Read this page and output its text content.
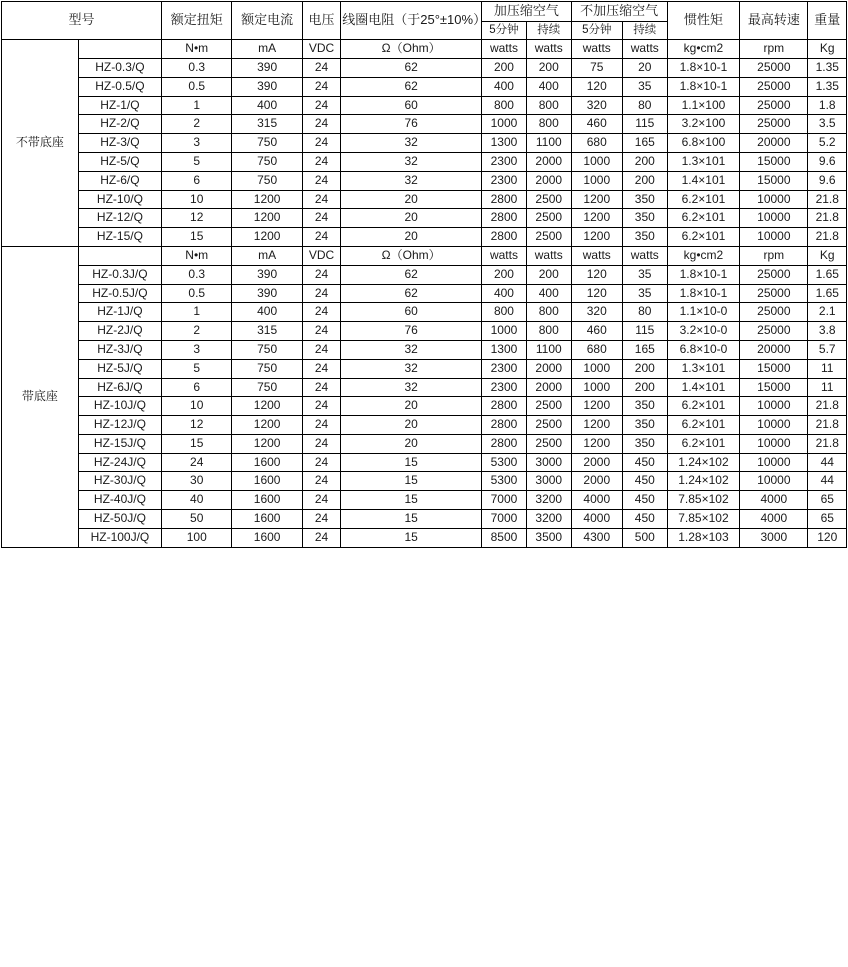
型号		额定扭矩	额定电流	电压	线圈电阻（于25°±10%）	加压缩空气		不加压缩空气		惯性矩	最高转速	重量
						5分钟	持续	5分钟	持续			
不带底座		N•m	mA	VDC	Ω（Ohm）	watts	watts	watts	watts	kg•cm2	rpm	Kg
	HZ-0.3/Q	0.3	390	24	62	200	200	75	20	1.8×10-1	25000	1.35
	HZ-0.5/Q	0.5	390	24	62	400	400	120	35	1.8×10-1	25000	1.35
	HZ-1/Q	1	400	24	60	800	800	320	80	1.1×100	25000	1.8
	HZ-2/Q	2	315	24	76	1000	800	460	115	3.2×100	25000	3.5
	HZ-3/Q	3	750	24	32	1300	1100	680	165	6.8×100	20000	5.2
	HZ-5/Q	5	750	24	32	2300	2000	1000	200	1.3×101	15000	9.6
	HZ-6/Q	6	750	24	32	2300	2000	1000	200	1.4×101	15000	9.6
	HZ-10/Q	10	1200	24	20	2800	2500	1200	350	6.2×101	10000	21.8
	HZ-12/Q	12	1200	24	20	2800	2500	1200	350	6.2×101	10000	21.8
	HZ-15/Q	15	1200	24	20	2800	2500	1200	350	6.2×101	10000	21.8
带底座		N•m	mA	VDC	Ω（Ohm）	watts	watts	watts	watts	kg•cm2	rpm	Kg
	HZ-0.3J/Q	0.3	390	24	62	200	200	120	35	1.8×10-1	25000	1.65
	HZ-0.5J/Q	0.5	390	24	62	400	400	120	35	1.8×10-1	25000	1.65
	HZ-1J/Q	1	400	24	60	800	800	320	80	1.1×10-0	25000	2.1
	HZ-2J/Q	2	315	24	76	1000	800	460	115	3.2×10-0	25000	3.8
	HZ-3J/Q	3	750	24	32	1300	1100	680	165	6.8×10-0	20000	5.7
	HZ-5J/Q	5	750	24	32	2300	2000	1000	200	1.3×101	15000	11
	HZ-6J/Q	6	750	24	32	2300	2000	1000	200	1.4×101	15000	11
	HZ-10J/Q	10	1200	24	20	2800	2500	1200	350	6.2×101	10000	21.8
	HZ-12J/Q	12	1200	24	20	2800	2500	1200	350	6.2×101	10000	21.8
	HZ-15J/Q	15	1200	24	20	2800	2500	1200	350	6.2×101	10000	21.8
	HZ-24J/Q	24	1600	24	15	5300	3000	2000	450	1.24×102	10000	44
	HZ-30J/Q	30	1600	24	15	5300	3000	2000	450	1.24×102	10000	44
	HZ-40J/Q	40	1600	24	15	7000	3200	4000	450	7.85×102	4000	65
	HZ-50J/Q	50	1600	24	15	7000	3200	4000	450	7.85×102	4000	65
	HZ-100J/Q	100	1600	24	15	8500	3500	4300	500	1.28×103	3000	120
